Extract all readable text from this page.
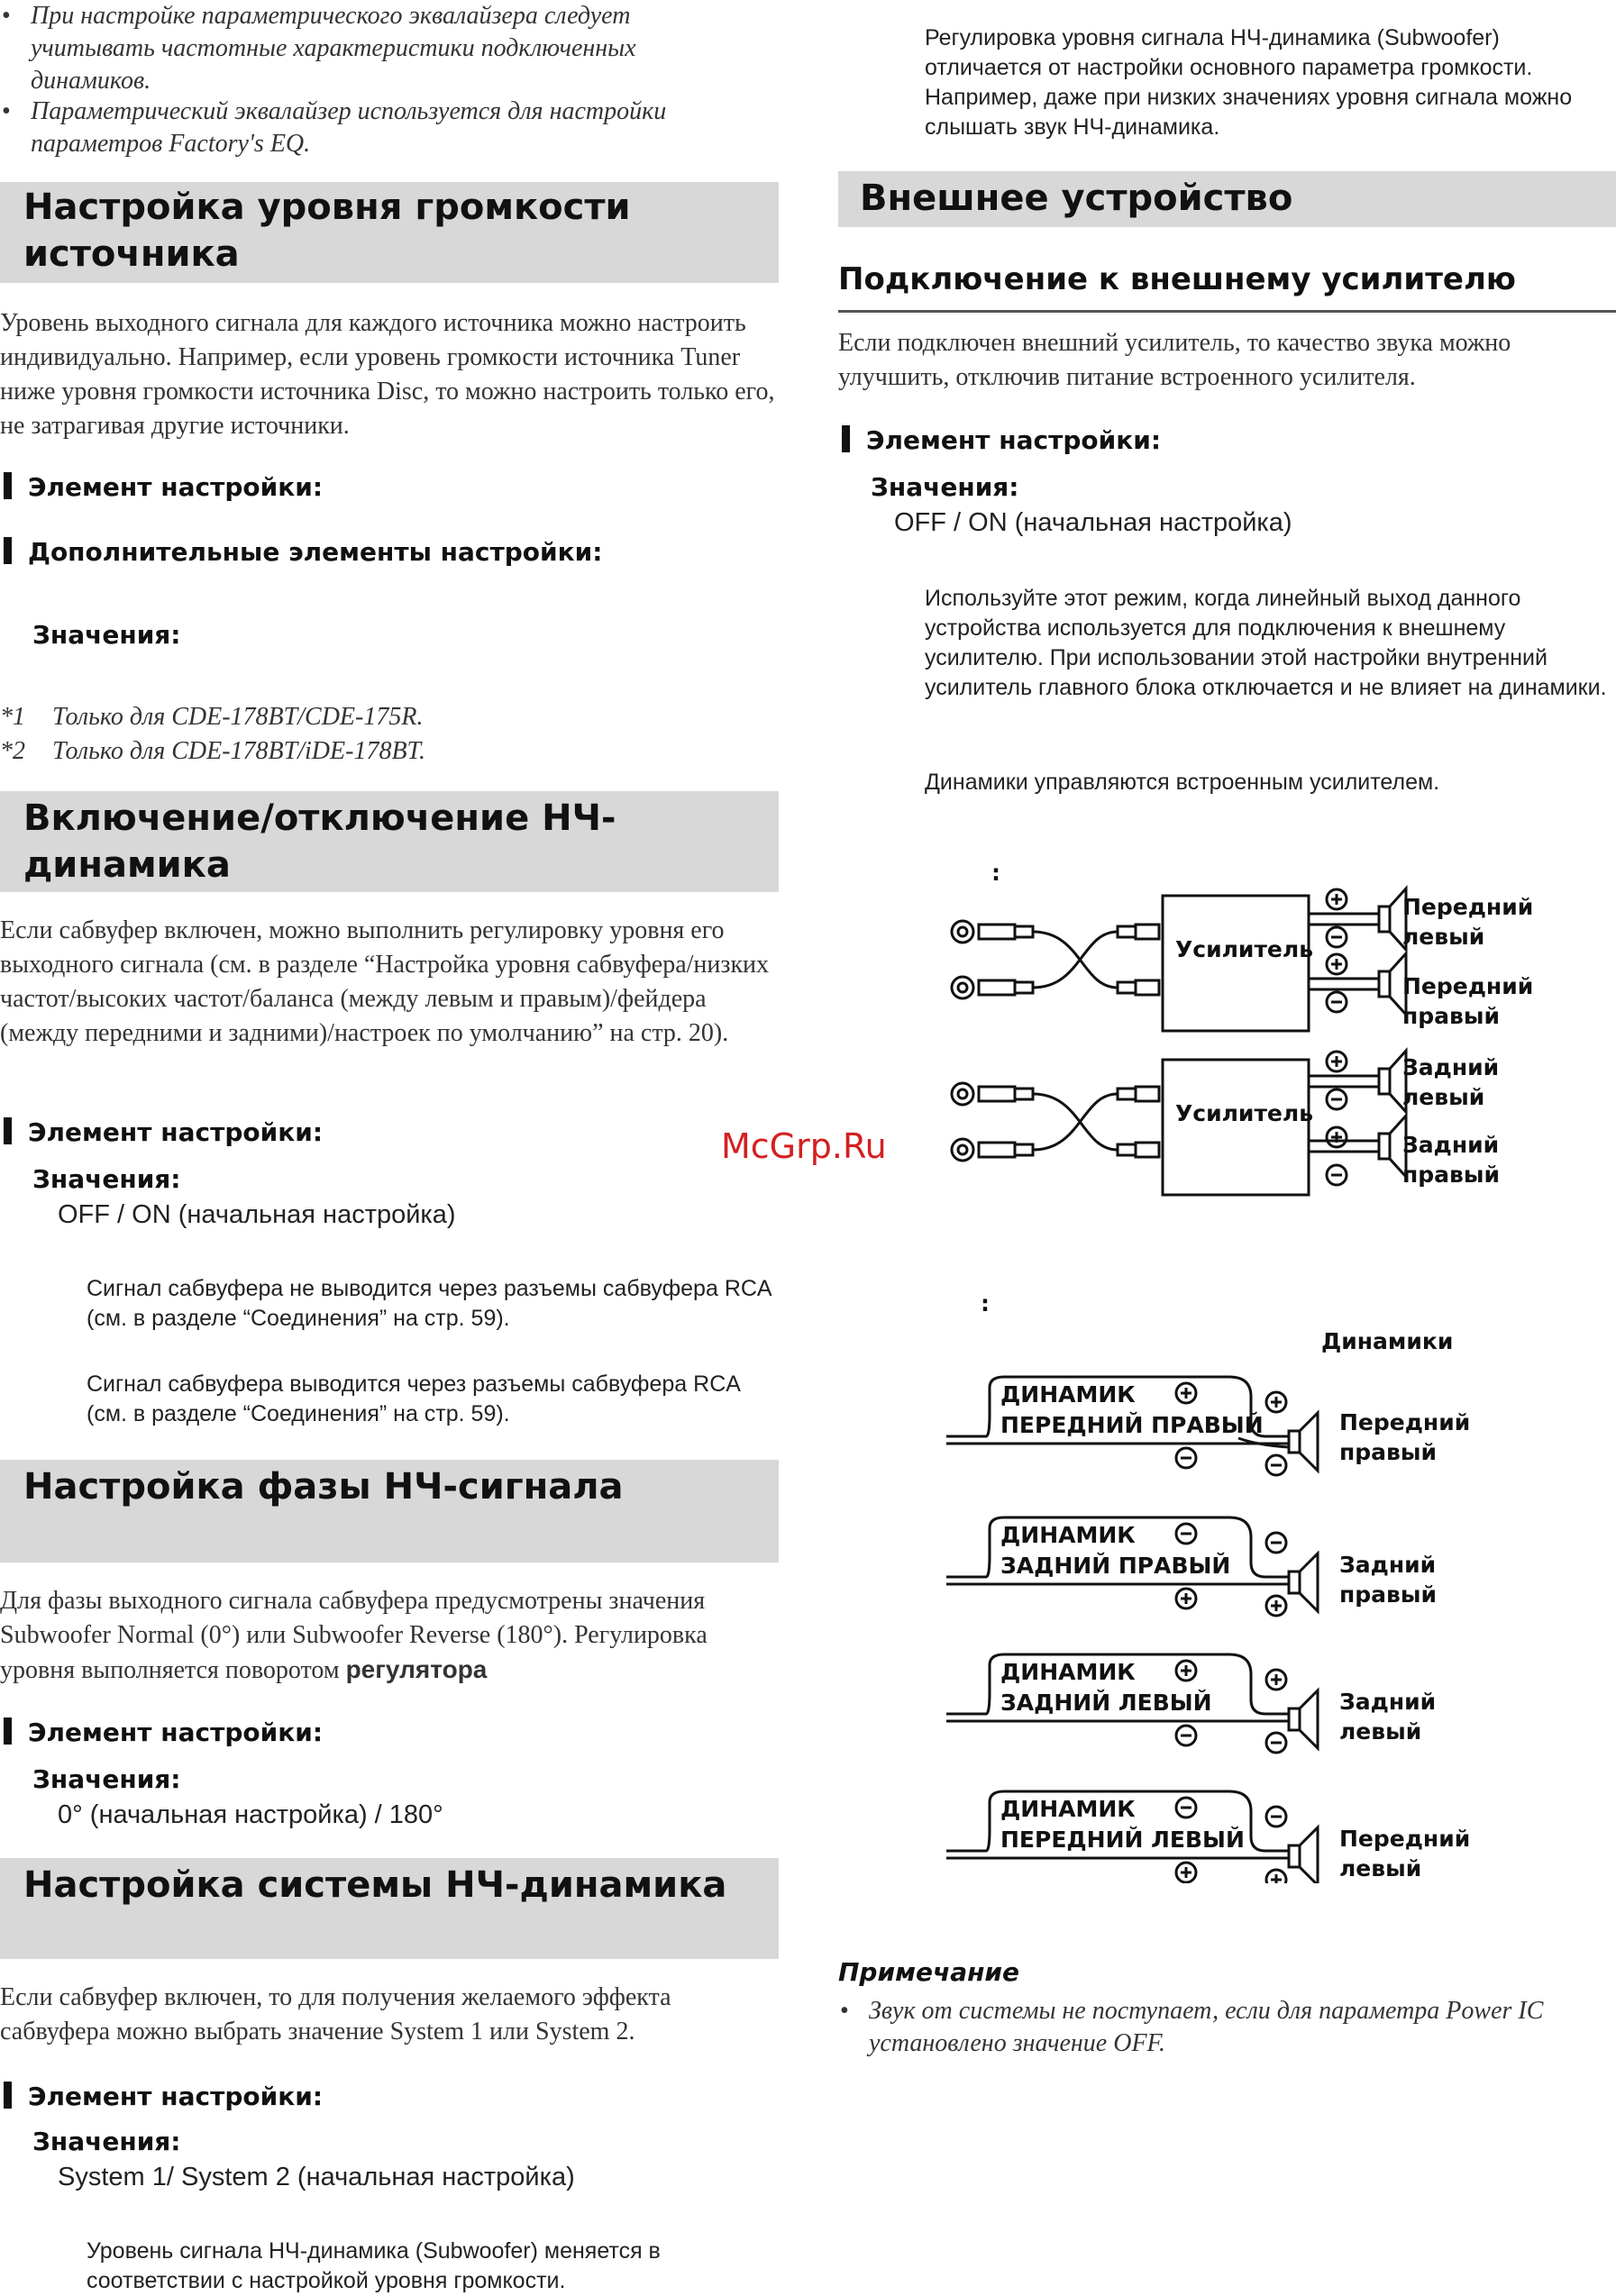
• При настройке параметрического эквалайзера следует учитывать частотные характеристики подключенных динамиков.
• Параметрический эквалайзер используется для настройки параметров Factory's EQ.
Настройка уровня громкости
источника
Уровень выходного сигнала для каждого источника можно настроить индивидуально. Например, если уровень громкости источника Tuner ниже уровня громкости источника Disc, то можно настроить только его, не затрагивая другие источники.
Элемент настройки:
Дополнительные элементы настройки:
Значения:
*1 Только для CDE-178BT/CDE-175R.
*2 Только для CDE-178BT/iDE-178BT.
Включение/отключение НЧ-динамика
Если сабвуфер включен, можно выполнить регулировку уровня его выходного сигнала (см. в разделе “Настройка уровня сабвуфера/низких частот/высоких частот/баланса (между левым и правым)/фейдера (между передними и задними)/настроек по умолчанию” на стр. 20).
Элемент настройки:
Значения:
OFF / ON (начальная настройка)
Сигнал сабвуфера не выводится через разъемы сабвуфера RCA (см. в разделе “Соединения” на стр. 59).
Сигнал сабвуфера выводится через разъемы сабвуфера RCA (см. в разделе “Соединения” на стр. 59).
Настройка фазы НЧ-сигнала
Для фазы выходного сигнала сабвуфера предусмотрены значения Subwoofer Normal (0°) или Subwoofer Reverse (180°). Регулировка уровня выполняется поворотом регулятора
Элемент настройки:
Значения:
0° (начальная настройка) / 180°
Настройка системы НЧ-динамика
Если сабвуфер включен, то для получения желаемого эффекта сабвуфера можно выбрать значение System 1 или System 2.
Элемент настройки:
Значения:
System 1/ System 2 (начальная настройка)
Уровень сигнала НЧ-динамика (Subwoofer) меняется в соответствии с настройкой уровня громкости.
Регулировка уровня сигнала НЧ-динамика (Subwoofer) отличается от настройки основного параметра громкости. Например, даже при низких значениях уровня сигнала можно слышать звук НЧ-динамика.
Внешнее устройство
Подключение к внешнему усилителю
Если подключен внешний усилитель, то качество звука можно улучшить, отключив питание встроенного усилителя.
Элемент настройки:
Значения:
OFF / ON (начальная настройка)
Используйте этот режим, когда линейный выход данного устройства используется для подключения к внешнему усилителю. При использовании этой настройки внутренний усилитель главного блока отключается и не влияет на динамики.
Динамики управляются встроенным усилителем.
:
Усилитель
Усилитель
Передний
левый
Передний
правый
Задний
левый
Задний
правый
:
Динамики
ДИНАМИК
ПЕРЕДНИЙ ПРАВЫЙ
ДИНАМИК
ЗАДНИЙ ПРАВЫЙ
ДИНАМИК
ЗАДНИЙ ЛЕВЫЙ
ДИНАМИК
ПЕРЕДНИЙ ЛЕВЫЙ
Передний
правый
Задний
правый
Задний
левый
Передний
левый
Примечание
• Звук от системы не поступает, если для параметра Power IC установлено значение OFF.
McGrp.Ru
